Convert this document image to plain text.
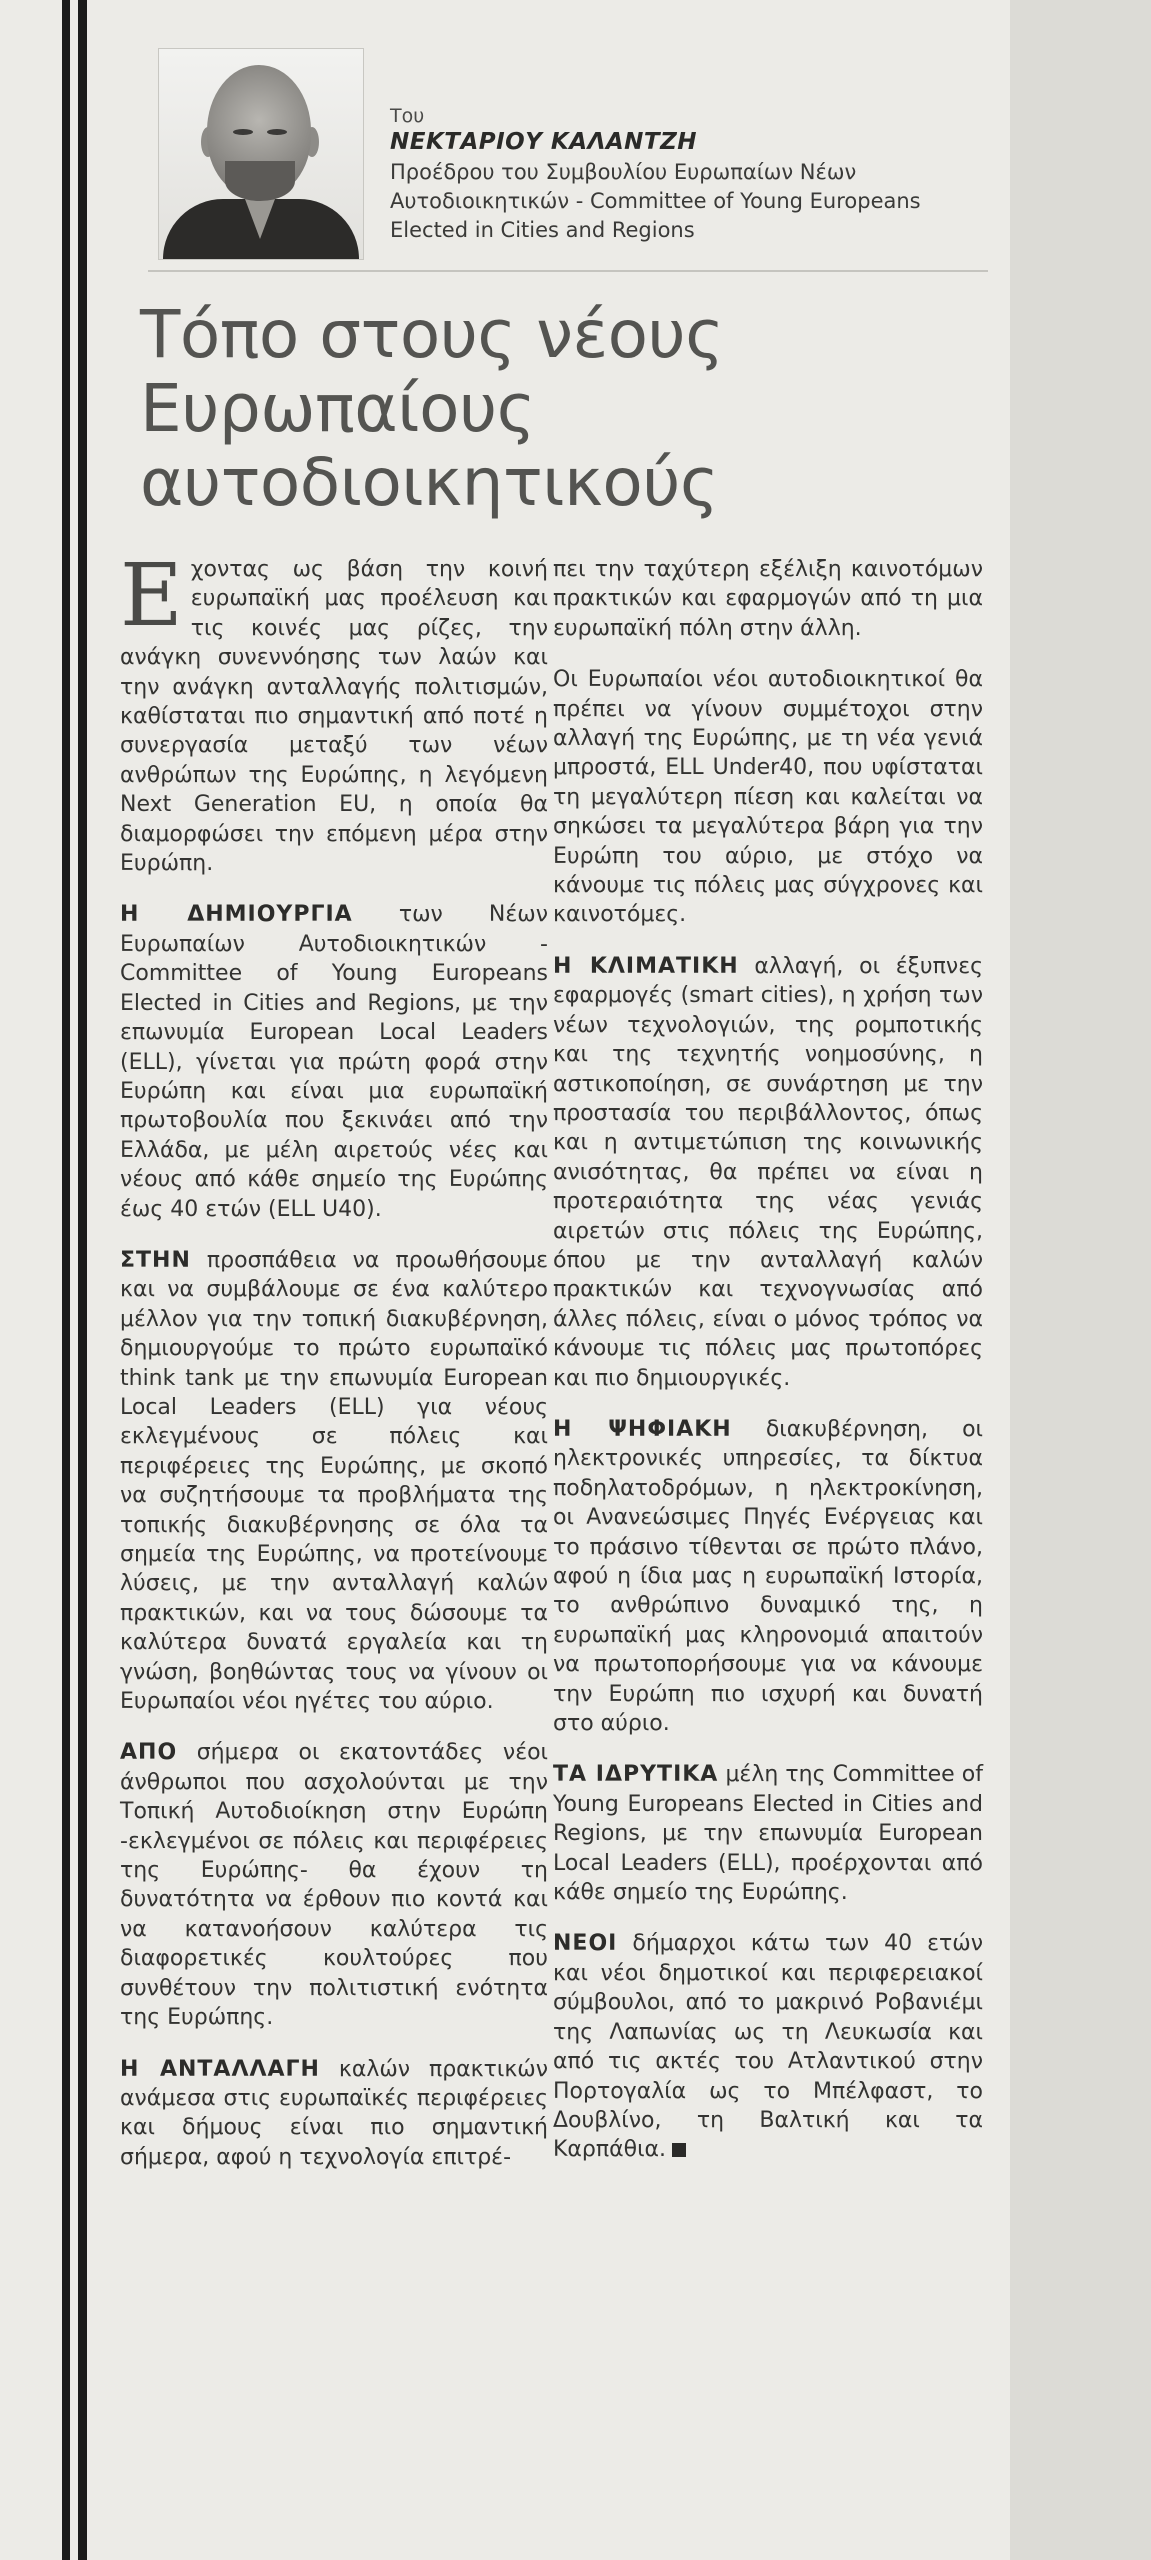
Του
ΝΕΚΤΑΡΙΟΥ ΚΑΛΑΝΤΖΗ
Προέδρου του Συμβουλίου Ευρωπαίων Νέων Αυτοδιοικητικών - Committee of Young Europeans Elected in Cities and Regions
Τόπο στους νέους Ευρωπαίους αυτοδιοικητικούς

Εχοντας ως βάση την κοινή ευρωπαϊκή μας προέλευση και τις κοινές μας ρίζες, την ανάγκη συνεννόησης των λαών και την ανάγκη ανταλλαγής πολιτισμών, καθίσταται πιο σημαντική από ποτέ η συνεργασία μεταξύ των νέων ανθρώπων της Ευρώπης, η λεγόμενη Next Generation EU, η οποία θα διαμορφώσει την επόμενη μέρα στην Ευρώπη.

Η ΔΗΜΙΟΥΡΓΙΑ των Νέων Ευρωπαίων Αυτοδιοικητικών - Committee of Young Europeans Elected in Cities and Regions, με την επωνυμία European Local Leaders (ELL), γίνεται για πρώτη φορά στην Ευρώπη και είναι μια ευρωπαϊκή πρωτοβουλία που ξεκινάει από την Ελλάδα, με μέλη αιρετούς νέες και νέους από κάθε σημείο της Ευρώπης έως 40 ετών (ELL U40).

ΣΤΗΝ προσπάθεια να προωθήσουμε και να συμβάλουμε σε ένα καλύτερο μέλλον για την τοπική διακυβέρνηση, δημιουργούμε το πρώτο ευρωπαϊκό think tank με την επωνυμία European Local Leaders (ELL) για νέους εκλεγμένους σε πόλεις και περιφέρειες της Ευρώπης, με σκοπό να συζητήσουμε τα προβλήματα της τοπικής διακυβέρνησης σε όλα τα σημεία της Ευρώπης, να προτείνουμε λύσεις, με την ανταλλαγή καλών πρακτικών, και να τους δώσουμε τα καλύτερα δυνατά εργαλεία και τη γνώση, βοηθώντας τους να γίνουν οι Ευρωπαίοι νέοι ηγέτες του αύριο.

ΑΠΟ σήμερα οι εκατοντάδες νέοι άνθρωποι που ασχολούνται με την Τοπική Αυτοδιοίκηση στην Ευρώπη -εκλεγμένοι σε πόλεις και περιφέρειες της Ευρώπης- θα έχουν τη δυνατότητα να έρθουν πιο κοντά και να κατανοήσουν καλύτερα τις διαφορετικές κουλτούρες που συνθέτουν την πολιτιστική ενότητα της Ευρώπης.

Η ΑΝΤΑΛΛΑΓΗ καλών πρακτικών ανάμεσα στις ευρωπαϊκές περιφέρειες και δήμους είναι πιο σημαντική σήμερα, αφού η τεχνολογία επιτρέ-

πει την ταχύτερη εξέλιξη καινοτόμων πρακτικών και εφαρμογών από τη μια ευρωπαϊκή πόλη στην άλλη.

Οι Ευρωπαίοι νέοι αυτοδιοικητικοί θα πρέπει να γίνουν συμμέτοχοι στην αλλαγή της Ευρώπης, με τη νέα γενιά μπροστά, ELL Under40, που υφίσταται τη μεγαλύτερη πίεση και καλείται να σηκώσει τα μεγαλύτερα βάρη για την Ευρώπη του αύριο, με στόχο να κάνουμε τις πόλεις μας σύγχρονες και καινοτόμες.

Η ΚΛΙΜΑΤΙΚΗ αλλαγή, οι έξυπνες εφαρμογές (smart cities), η χρήση των νέων τεχνολογιών, της ρομποτικής και της τεχνητής νοημοσύνης, η αστικοποίηση, σε συνάρτηση με την προστασία του περιβάλλοντος, όπως και η αντιμετώπιση της κοινωνικής ανισότητας, θα πρέπει να είναι η προτεραιότητα της νέας γενιάς αιρετών στις πόλεις της Ευρώπης, όπου με την ανταλλαγή καλών πρακτικών και τεχνογνωσίας από άλλες πόλεις, είναι ο μόνος τρόπος να κάνουμε τις πόλεις μας πρωτοπόρες και πιο δημιουργικές.

Η ΨΗΦΙΑΚΗ διακυβέρνηση, οι ηλεκτρονικές υπηρεσίες, τα δίκτυα ποδηλατοδρόμων, η ηλεκτροκίνηση, οι Ανανεώσιμες Πηγές Ενέργειας και το πράσινο τίθενται σε πρώτο πλάνο, αφού η ίδια μας η ευρωπαϊκή Ιστορία, το ανθρώπινο δυναμικό της, η ευρωπαϊκή μας κληρονομιά απαιτούν να πρωτοπορήσουμε για να κάνουμε την Ευρώπη πιο ισχυρή και δυνατή στο αύριο.

ΤΑ ΙΔΡΥΤΙΚΑ μέλη της Committee of Young Europeans Elected in Cities and Regions, με την επωνυμία European Local Leaders (ELL), προέρχονται από κάθε σημείο της Ευρώπης.

ΝΕΟΙ δήμαρχοι κάτω των 40 ετών και νέοι δημοτικοί και περιφερειακοί σύμβουλοι, από το μακρινό Ροβανιέμι της Λαπωνίας ως τη Λευκωσία και από τις ακτές του Ατλαντικού στην Πορτογαλία ως το Μπέλφαστ, το Δουβλίνο, τη Βαλτική και τα Καρπάθια.
